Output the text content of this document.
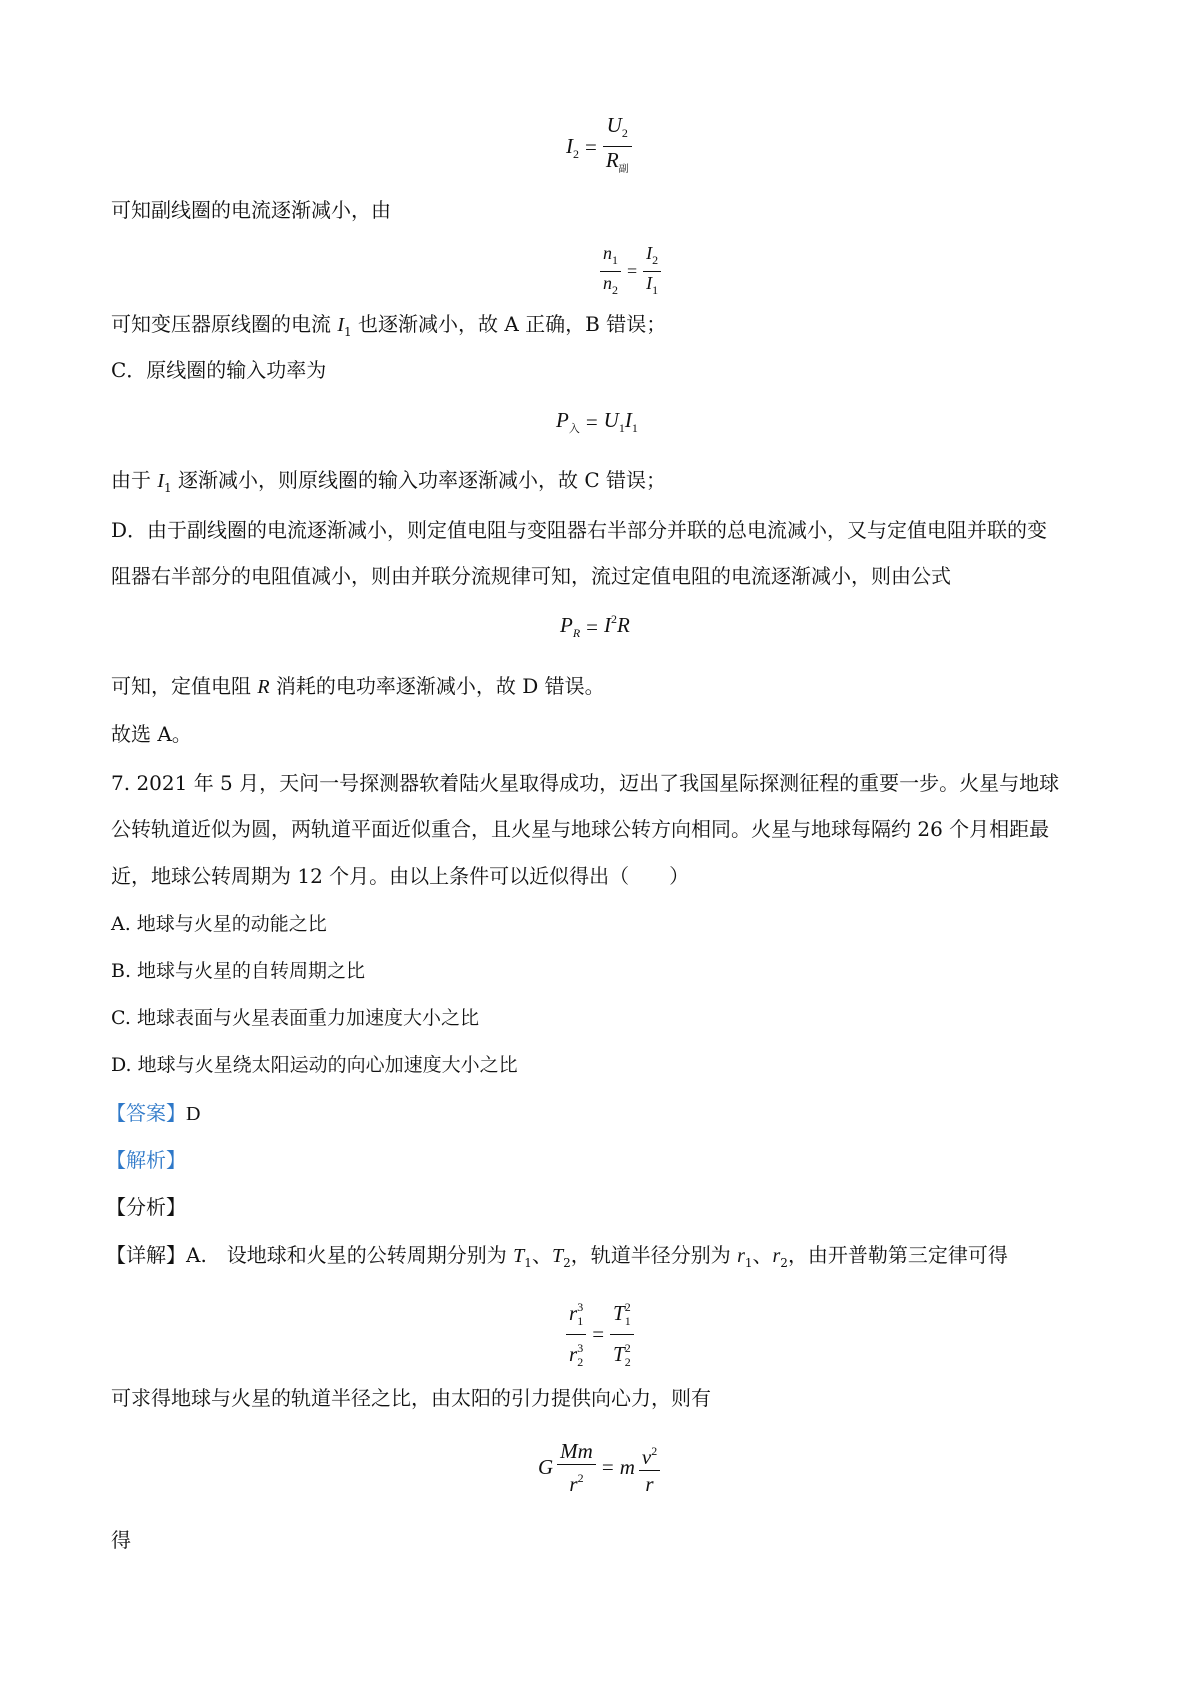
$I_2 = \frac{U_2}{R_副}$
可知副线圈的电流逐渐减小，由
$\frac{n_1}{n_2} = \frac{I_2}{I_1}$
可知变压器原线圈的电流 $I_1$ 也逐渐减小，故 A 正确，B 错误；
C．原线圈的输入功率为
$P_入 = U_1I_1$
由于 $I_1$ 逐渐减小，则原线圈的输入功率逐渐减小，故 C 错误；
D．由于副线圈的电流逐渐减小，则定值电阻与变阻器右半部分并联的总电流减小，又与定值电阻并联的变
阻器右半部分的电阻值减小，则由并联分流规律可知，流过定值电阻的电流逐渐减小，则由公式
$P_R = I^2R$
可知，定值电阻 R 消耗的电功率逐渐减小，故 D 错误。
故选 A。
7. 2021 年 5 月，天问一号探测器软着陆火星取得成功，迈出了我国星际探测征程的重要一步。火星与地球
公转轨道近似为圆，两轨道平面近似重合，且火星与地球公转方向相同。火星与地球每隔约 26 个月相距最
近，地球公转周期为 12 个月。由以上条件可以近似得出（　　）
A. 地球与火星的动能之比
B. 地球与火星的自转周期之比
C. 地球表面与火星表面重力加速度大小之比
D. 地球与火星绕太阳运动的向心加速度大小之比
【答案】D
【解析】
【分析】
【详解】A.　设地球和火星的公转周期分别为 $T_1$、$T_2$，轨道半径分别为 $r_1$、$r_2$，由开普勒第三定律可得
$\frac{r_1^3}{r_2^3} = \frac{T_1^2}{T_2^2}$
可求得地球与火星的轨道半径之比，由太阳的引力提供向心力，则有
G $\frac{Mm}{r^2} = m \frac{v^2}{r}$
得
